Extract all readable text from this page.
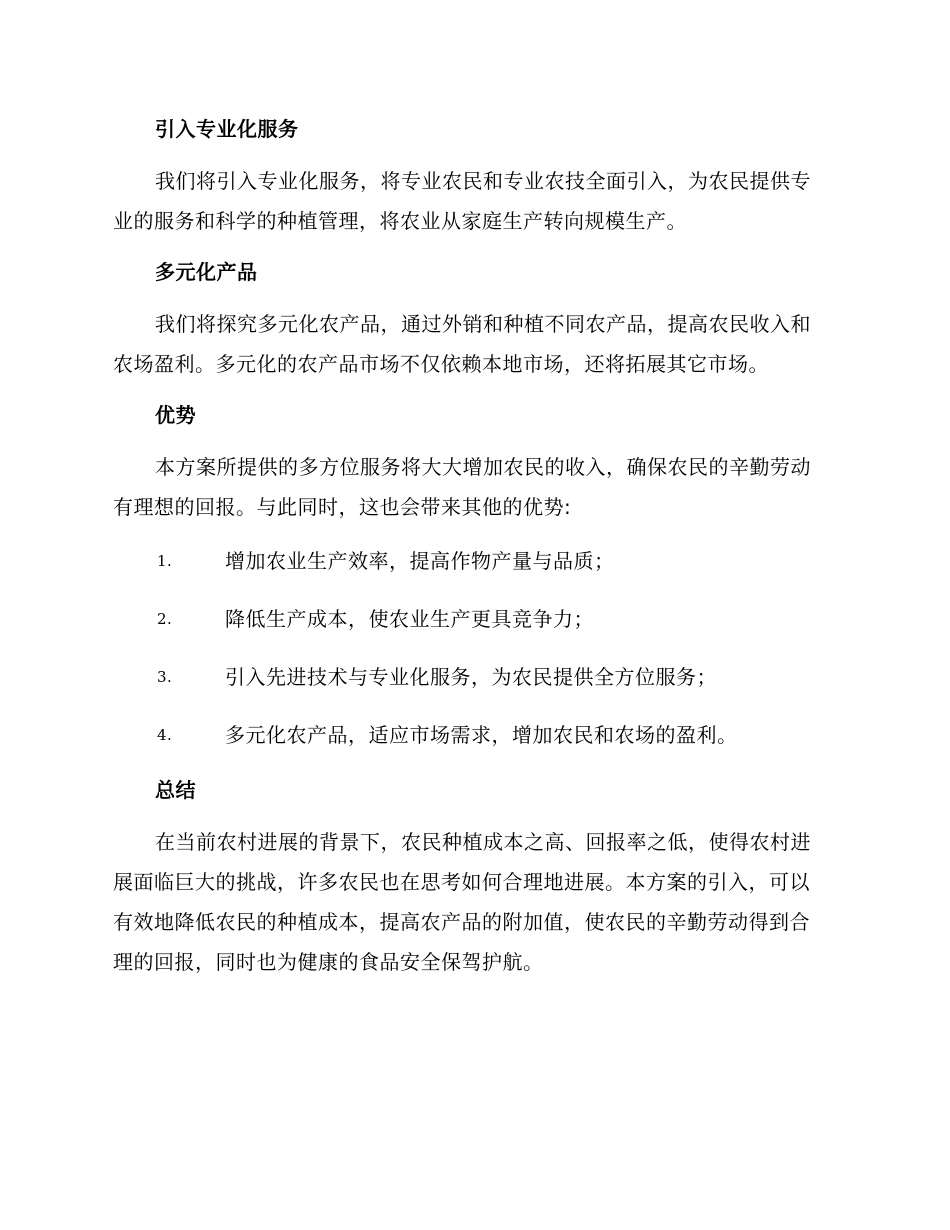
引入专业化服务

我们将引入专业化服务，将专业农民和专业农技全面引入，为农民提供专业的服务和科学的种植管理，将农业从家庭生产转向规模生产。

多元化产品

我们将探究多元化农产品，通过外销和种植不同农产品，提高农民收入和农场盈利。多元化的农产品市场不仅依赖本地市场，还将拓展其它市场。

优势

本方案所提供的多方位服务将大大增加农民的收入，确保农民的辛勤劳动有理想的回报。与此同时，这也会带来其他的优势:

1.	增加农业生产效率，提高作物产量与品质；
2.	降低生产成本，使农业生产更具竞争力；
3.	引入先进技术与专业化服务，为农民提供全方位服务；
4.	多元化农产品，适应市场需求，增加农民和农场的盈利。
总结

在当前农村进展的背景下，农民种植成本之高、回报率之低，使得农村进展面临巨大的挑战，许多农民也在思考如何合理地进展。本方案的引入，可以有效地降低农民的种植成本，提高农产品的附加值，使农民的辛勤劳动得到合理的回报，同时也为健康的食品安全保驾护航。
